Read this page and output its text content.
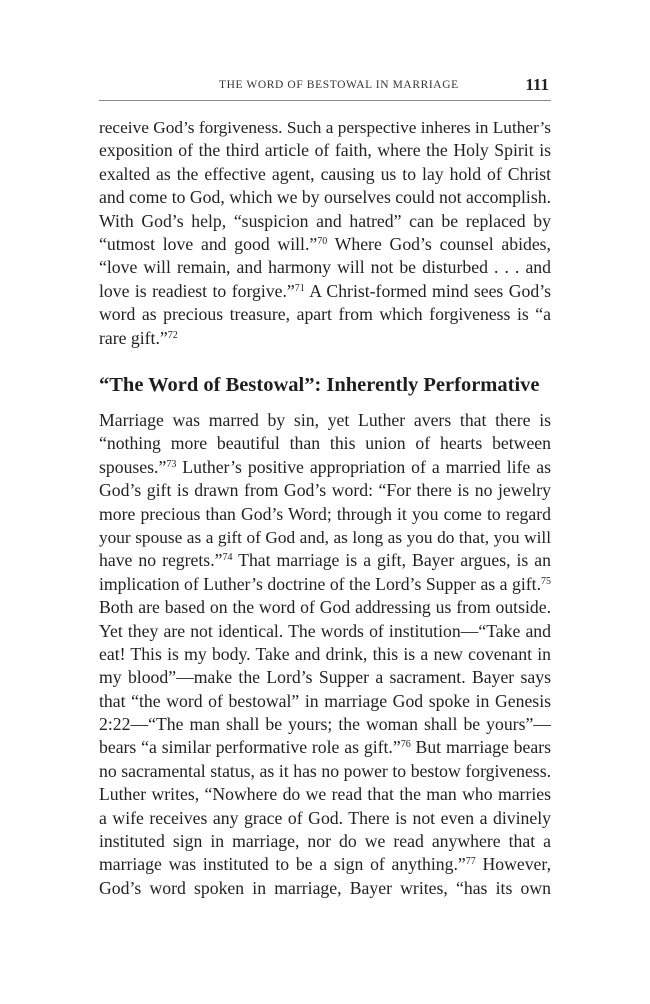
THE WORD OF BESTOWAL IN MARRIAGE	111
receive God’s forgiveness. Such a perspective inheres in Luther’s
exposition of the third article of faith, where the Holy Spirit is
exalted as the effective agent, causing us to lay hold of Christ
and come to God, which we by ourselves could not accomplish.
With God’s help, “suspicion and hatred” can be replaced by
“utmost love and good will.”$^{70}$ Where God’s counsel abides,
“love will remain, and harmony will not be disturbed . . . and
love is readiest to forgive.”$^{71}$ A Christ-formed mind sees God’s
word as precious treasure, apart from which forgiveness is “a
rare gift.”$^{72}$
“The Word of Bestowal”: Inherently Performative
Marriage was marred by sin, yet Luther avers that there is
“nothing more beautiful than this union of hearts between
spouses.”$^{73}$ Luther’s positive appropriation of a married life as
God’s gift is drawn from God’s word: “For there is no jewelry
more precious than God’s Word; through it you come to regard
your spouse as a gift of God and, as long as you do that, you will
have no regrets.”$^{74}$ That marriage is a gift, Bayer argues, is an
implication of Luther’s doctrine of the Lord’s Supper as a gift.$^{75}$
Both are based on the word of God addressing us from outside.
Yet they are not identical. The words of institution—“Take and
eat! This is my body. Take and drink, this is a new covenant in
my blood”—make the Lord’s Supper a sacrament. Bayer says
that “the word of bestowal” in marriage God spoke in Genesis
2:22—“The man shall be yours; the woman shall be yours”—
bears “a similar performative role as gift.”$^{76}$ But marriage bears
no sacramental status, as it has no power to bestow forgiveness.
Luther writes, “Nowhere do we read that the man who marries
a wife receives any grace of God. There is not even a divinely
instituted sign in marriage, nor do we read anywhere that a
marriage was instituted to be a sign of anything.”$^{77}$ However,
God’s word spoken in marriage, Bayer writes, “has its own
